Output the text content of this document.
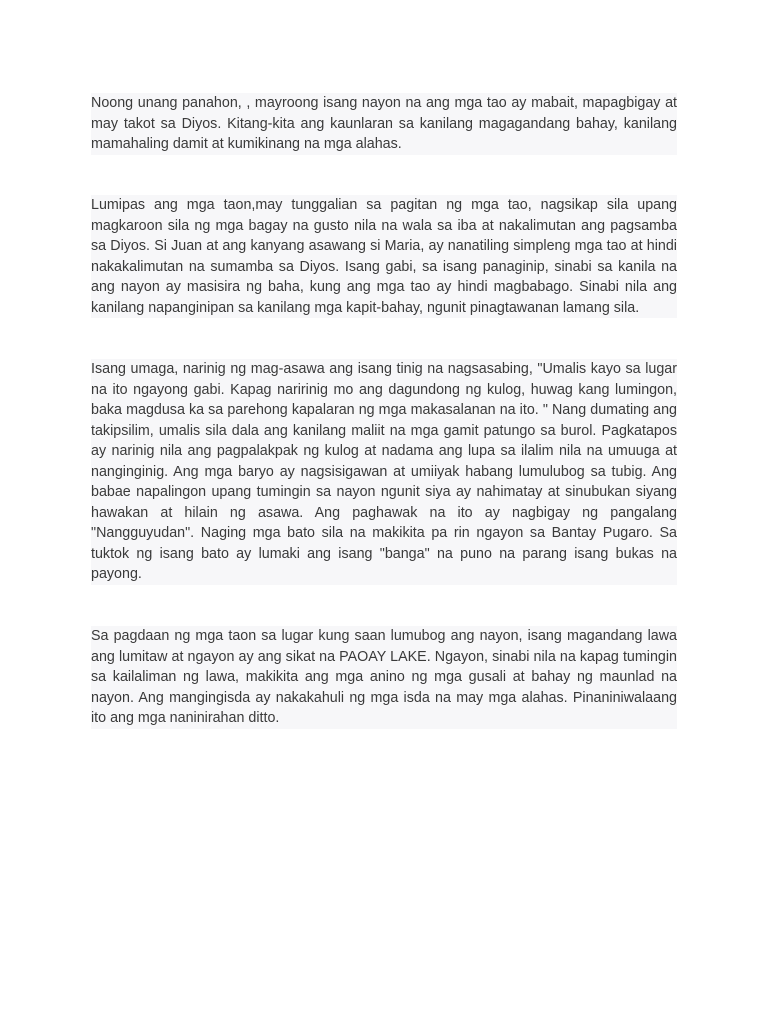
Noong unang panahon, , mayroong isang nayon na ang mga tao ay mabait, mapagbigay at may takot sa Diyos. Kitang-kita ang kaunlaran sa kanilang magagandang bahay, kanilang mamahaling damit at kumikinang na mga alahas.

Lumipas ang mga taon,may tunggalian sa pagitan ng mga tao, nagsikap sila upang magkaroon sila ng mga bagay na gusto nila na wala sa iba at nakalimutan ang pagsamba sa Diyos. Si Juan at ang kanyang asawang si Maria, ay nanatiling simpleng mga tao at hindi nakakalimutan na sumamba sa Diyos. Isang gabi, sa isang panaginip, sinabi sa kanila na ang nayon ay masisira ng baha, kung ang mga tao ay hindi magbabago. Sinabi nila ang kanilang napanginipan sa kanilang mga kapit-bahay, ngunit pinagtawanan lamang sila.

Isang umaga, narinig ng mag-asawa ang isang tinig na nagsasabing, "Umalis kayo sa lugar na ito ngayong gabi. Kapag naririnig mo ang dagundong ng kulog, huwag kang lumingon, baka magdusa ka sa parehong kapalaran ng mga makasalanan na ito. " Nang dumating ang takipsilim, umalis sila dala ang kanilang maliit na mga gamit patungo sa burol. Pagkatapos ay narinig nila ang pagpalakpak ng kulog at nadama ang lupa sa ilalim nila na umuuga at nanginginig. Ang mga baryo ay nagsisigawan at umiiyak habang lumulubog sa tubig. Ang babae napalingon upang tumingin sa nayon ngunit siya ay nahimatay at sinubukan siyang hawakan at hilain ng asawa. Ang paghawak na ito ay nagbigay ng pangalang "Nangguyudan". Naging mga bato sila na makikita pa rin ngayon sa Bantay Pugaro. Sa tuktok ng isang bato ay lumaki ang isang "banga" na puno na parang isang bukas na payong.

Sa pagdaan ng mga taon sa lugar kung saan lumubog ang nayon, isang magandang lawa ang lumitaw at ngayon ay ang sikat na PAOAY LAKE. Ngayon, sinabi nila na kapag tumingin sa kailaliman ng lawa, makikita ang mga anino ng mga gusali at bahay ng maunlad na nayon. Ang mangingisda ay nakakahuli ng mga isda na may mga alahas. Pinaniniwalaang ito ang mga naninirahan ditto.
